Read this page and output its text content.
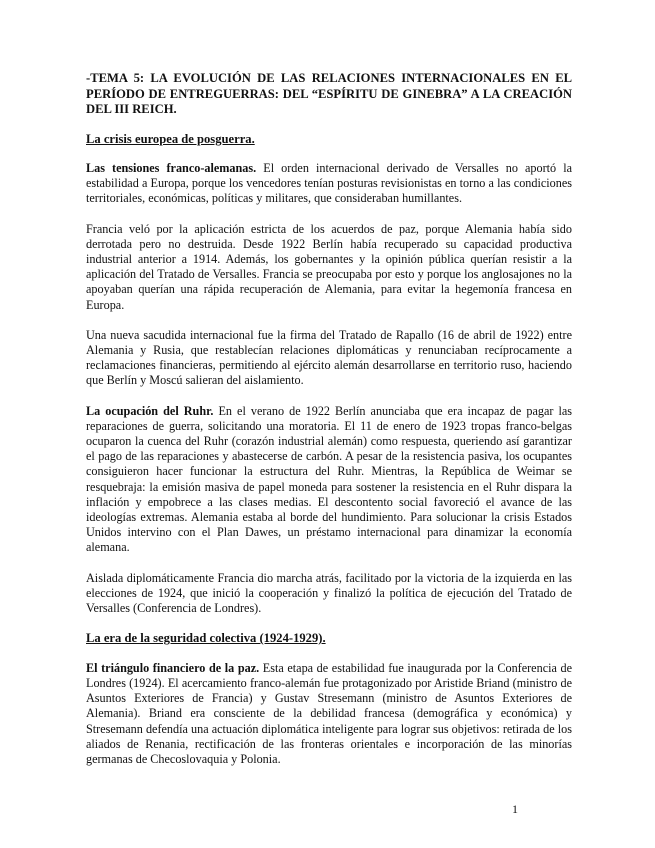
-TEMA 5: LA EVOLUCIÓN DE LAS RELACIONES INTERNACIONALES EN EL PERÍODO DE ENTREGUERRAS: DEL “ESPÍRITU DE GINEBRA” A LA CREACIÓN DEL III REICH.
La crisis europea de posguerra.

Las tensiones franco-alemanas. El orden internacional derivado de Versalles no aportó la estabilidad a Europa, porque los vencedores tenían posturas revisionistas en torno a las condiciones territoriales, económicas, políticas y militares, que consideraban humillantes.

Francia veló por la aplicación estricta de los acuerdos de paz, porque Alemania había sido derrotada pero no destruida. Desde 1922 Berlín había recuperado su capacidad productiva industrial anterior a 1914. Además, los gobernantes y la opinión pública querían resistir a la aplicación del Tratado de Versalles. Francia se preocupaba por esto y porque los anglosajones no la apoyaban querían una rápida recuperación de Alemania, para evitar la hegemonía francesa en Europa.

Una nueva sacudida internacional fue la firma del Tratado de Rapallo (16 de abril de 1922) entre Alemania y Rusia, que restablecían relaciones diplomáticas y renunciaban recíprocamente a reclamaciones financieras, permitiendo al ejército alemán desarrollarse en territorio ruso, haciendo que Berlín y Moscú salieran del aislamiento.

La ocupación del Ruhr. En el verano de 1922 Berlín anunciaba que era incapaz de pagar las reparaciones de guerra, solicitando una moratoria. El 11 de enero de 1923 tropas franco-belgas ocuparon la cuenca del Ruhr (corazón industrial alemán) como respuesta, queriendo así garantizar el pago de las reparaciones y abastecerse de carbón. A pesar de la resistencia pasiva, los ocupantes consiguieron hacer funcionar la estructura del Ruhr. Mientras, la República de Weimar se resquebraja: la emisión masiva de papel moneda para sostener la resistencia en el Ruhr dispara la inflación y empobrece a las clases medias. El descontento social favoreció el avance de las ideologías extremas. Alemania estaba al borde del hundimiento. Para solucionar la crisis Estados Unidos intervino con el Plan Dawes, un préstamo internacional para dinamizar la economía alemana.

Aislada diplomáticamente Francia dio marcha atrás, facilitado por la victoria de la izquierda en las elecciones de 1924, que inició la cooperación y finalizó la política de ejecución del Tratado de Versalles (Conferencia de Londres).

La era de la seguridad colectiva (1924-1929).

El triángulo financiero de la paz. Esta etapa de estabilidad fue inaugurada por la Conferencia de Londres (1924). El acercamiento franco-alemán fue protagonizado por Aristide Briand (ministro de Asuntos Exteriores de Francia) y Gustav Stresemann (ministro de Asuntos Exteriores de Alemania). Briand era consciente de la debilidad francesa (demográfica y económica) y Stresemann defendía una actuación diplomática inteligente para lograr sus objetivos: retirada de los aliados de Renania, rectificación de las fronteras orientales e incorporación de las minorías germanas de Checoslovaquia y Polonia.

1
